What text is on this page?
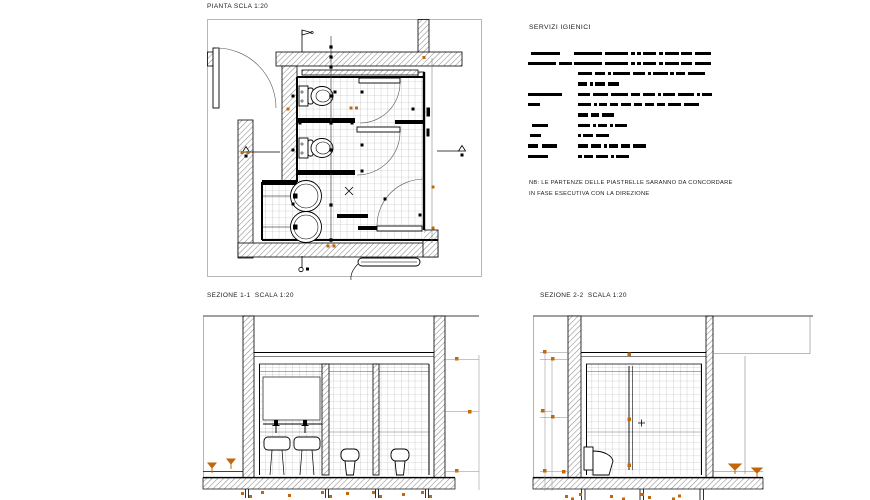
PIANTA SCLA 1:20
SERVIZI IGIENICI
SEZIONE 1-1  SCALA 1:20	SEZIONE 2-2  SCALA 1:20
NB: LE PARTENZE DELLE PIASTRELLE SARANNO DA CONCORDARE
IN FASE ESECUTIVA CON LA DIREZIONE
